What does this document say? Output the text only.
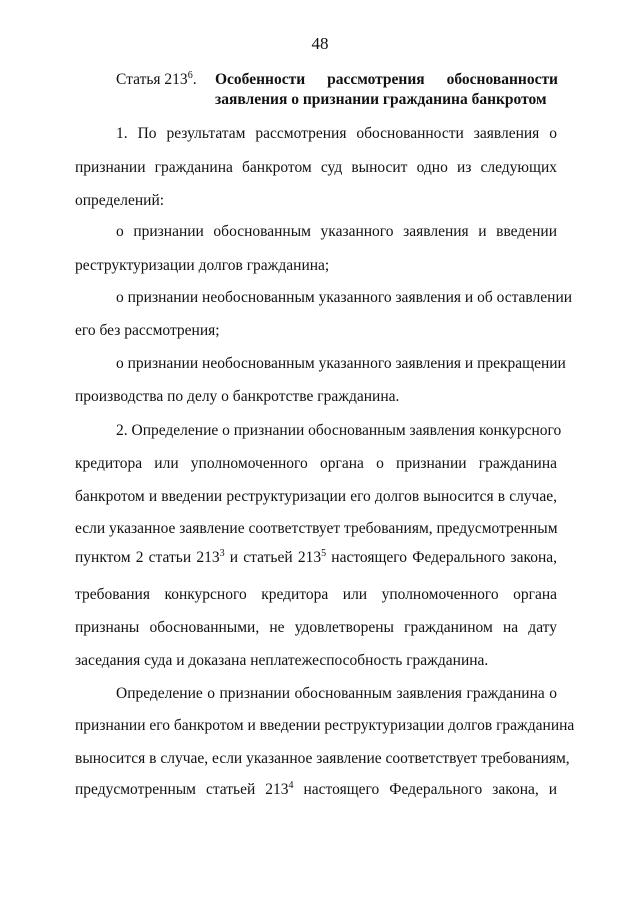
48
Статья $213^6$. Особенности рассмотрения обоснованности
заявления о признании гражданина банкротом
1. По результатам рассмотрения обоснованности заявления о
признании гражданина банкротом суд выносит одно из следующих
определений:
о признании обоснованным указанного заявления и введении
реструктуризации долгов гражданина;
о признании необоснованным указанного заявления и об оставлении
его без рассмотрения;
о признании необоснованным указанного заявления и прекращении
производства по делу о банкротстве гражданина.
2. Определение о признании обоснованным заявления конкурсного
кредитора или уполномоченного органа о признании гражданина
банкротом и введении реструктуризации его долгов выносится в случае,
если указанное заявление соответствует требованиям, предусмотренным
пунктом 2 статьи $213^3$ и статьей $213^5$ настоящего Федерального закона,
требования конкурсного кредитора или уполномоченного органа
признаны обоснованными, не удовлетворены гражданином на дату
заседания суда и доказана неплатежеспособность гражданина.
Определение о признании обоснованным заявления гражданина о
признании его банкротом и введении реструктуризации долгов гражданина
выносится в случае, если указанное заявление соответствует требованиям,
предусмотренным статьей $213^4$ настоящего Федерального закона, и
